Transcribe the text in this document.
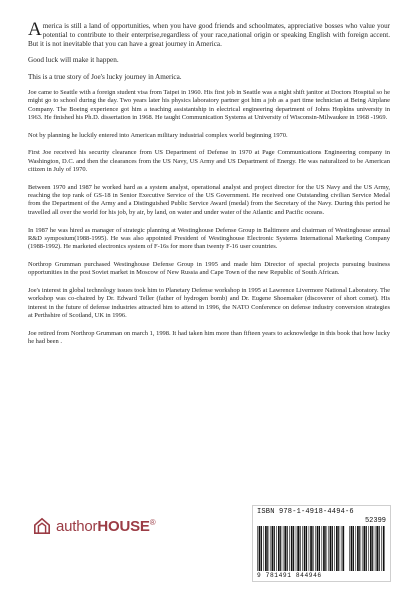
America is still a land of opportunities, when you have good friends and schoolmates, appreciative bosses who value your potential to contribute to their enterprise,regardless of your race,national origin or speaking English with foreign accent. But it is not inevitable that you can have a great journey in America.

Good luck will make it happen.

This is a true story of Joe's lucky journey in America.

Joe came to Seattle with a foreign student visa from Taipei in 1960. His first job in Seattle was a night shift janitor at Doctors Hospital so he might go to school during the day. Two years later his physics laboratory partner got him a job as a part time technician at Being Airplane Company. The Boeing experience got him a teaching assistantship in electrical engineering department of Johns Hopkins university in 1963. He finished his Ph.D. dissertation in 1968. He taught Communication Systems at University of Wisconsin-Milwaukee in 1968 -1969.

Not by planning he luckily entered into American military industrial complex world beginning 1970.

First Joe received his security clearance from US Department of Defense in 1970 at Page Communications Engineering company in Washington, D.C. and then the clearances from the US Navy, US Army and US Department of Energy. He was naturalized to be American citizen in July of 1970.

Between 1970 and 1987 he worked hard as a system analyst, operational analyst and project director for the US Navy and the US Army, reaching the top rank of GS-18 in Senior Executive Service of the US Government. He received one Outstanding civilian Service Medal from the Department of the Army and a Distinguished Public Service Award (medal) from the Secretary of the Navy. During this period he travelled all over the world for his job, by air, by land, on water and under water of the Atlantic and Pacific oceans.

In 1987 he was hired as manager of strategic planning at Westinghouse Defense Group in Baltimore and chairman of Westinghouse annual R&D symposium(1988-1995). He was also appointed President of Westinghouse Electronic Systems International Marketing Company (1988-1992). He marketed electronics system of F-16s for more than twenty F-16 user countries.

Northrop Grumman purchased Westinghouse Defense Group in 1995 and made him Director of special projects pursuing business opportunities in the post Soviet market in Moscow of New Russia and Cape Town of the new Republic of South African.

Joe's interest in global technology issues took him to Planetary Defense workshop in 1995 at Lawrence Livermore National Laboratory. The workshop was co-chaired by Dr. Edward Teller (father of hydrogen bomb) and Dr. Eugene Shoemaker (discoverer of short comet). His interest in the future of defense industries attracted him to attend in 1996, the NATO Conference on defense industry conversion strategies at Perthshire of Scotland, UK in 1996.

Joe retired from Northrop Grumman on march 1, 1998. It had taken him more than fifteen years to acknowledge in this book that how lucky he had been .

authorHOUSE®
ISBN 978-1-4918-4494-6
52399
9 781491 844946
